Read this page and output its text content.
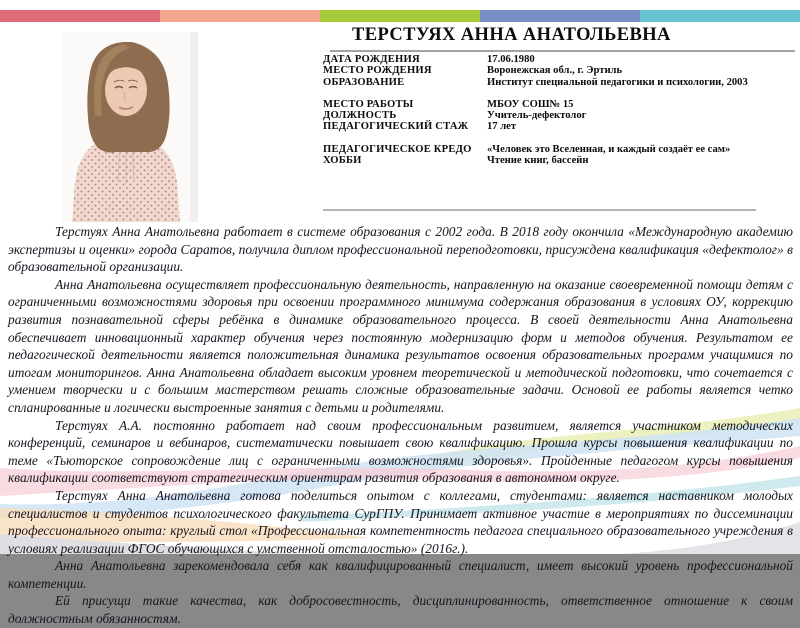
ТЕРСТУЯХ АННА АНАТОЛЬЕВНА
ДАТА РОЖДЕНИЯ	17.06.1980
МЕСТО РОЖДЕНИЯ	Воронежская обл., г. Эртиль
ОБРАЗОВАНИЕ	Институт специальной педагогики и психологии, 2003
МЕСТО РАБОТЫ	МБОУ СОШ№ 15
ДОЛЖНОСТЬ	Учитель-дефектолог
ПЕДАГОГИЧЕСКИЙ СТАЖ	17 лет
ПЕДАГОГИЧЕСКОЕ КРЕДО	«Человек это Вселенная, и каждый создаёт ее сам»
ХОББИ	Чтение книг, бассейн

Терстуях Анна Анатольевна работает в системе образования с 2002 года. В 2018 году окончила «Международную академию экспертизы и оценки» города Саратов, получила диплом профессиональной переподготовки, присуждена квалификация «дефектолог» в образовательной организации.

Анна Анатольевна осуществляет профессиональную деятельность, направленную на оказание своевременной помощи детям с ограниченными возможностями здоровья при освоении программного минимума содержания образования в условиях ОУ, коррекцию развития познавательной сферы ребёнка в динамике образовательного процесса. В своей деятельности Анна Анатольевна обеспечивает инновационный характер обучения через постоянную модернизацию форм и методов обучения. Результатом ее педагогической деятельности является положительная динамика результатов освоения образовательных программ учащимися по итогам мониторингов. Анна Анатольевна обладает высоким уровнем теоретической и методической подготовки, что сочетается с умением творчески и с большим мастерством решать сложные образовательные задачи. Основой ее работы является четко спланированные и логически выстроенные занятия с детьми и родителями.

Терстуях А.А. постоянно работает над своим профессиональным развитием, является участником методических конференций, семинаров и вебинаров, систематически повышает свою квалификацию. Прошла курсы повышения квалификации по теме «Тьюторское сопровождение лиц с ограниченными возможностями здоровья». Пройденные педагогом курсы повышения квалификации соответствуют стратегическим ориентирам развития образования в автономном округе.

Терстуях Анна Анатольевна готова поделиться опытом с коллегами, студентами: является наставником молодых специалистов и студентов психологического факультета СурГПУ. Принимает активное участие в мероприятиях по диссеминации профессионального опыта: круглый стол «Профессиональная компетентность педагога специального образовательного учреждения в условиях реализации ФГОС обучающихся с умственной отсталостью» (2016г.).

Анна Анатольевна зарекомендовала себя как квалифицированный специалист, имеет высокий уровень профессиональной компетенции.

Ей присущи такие качества, как добросовестность, дисциплинированность, ответственное отношение к своим должностным обязанностям.
